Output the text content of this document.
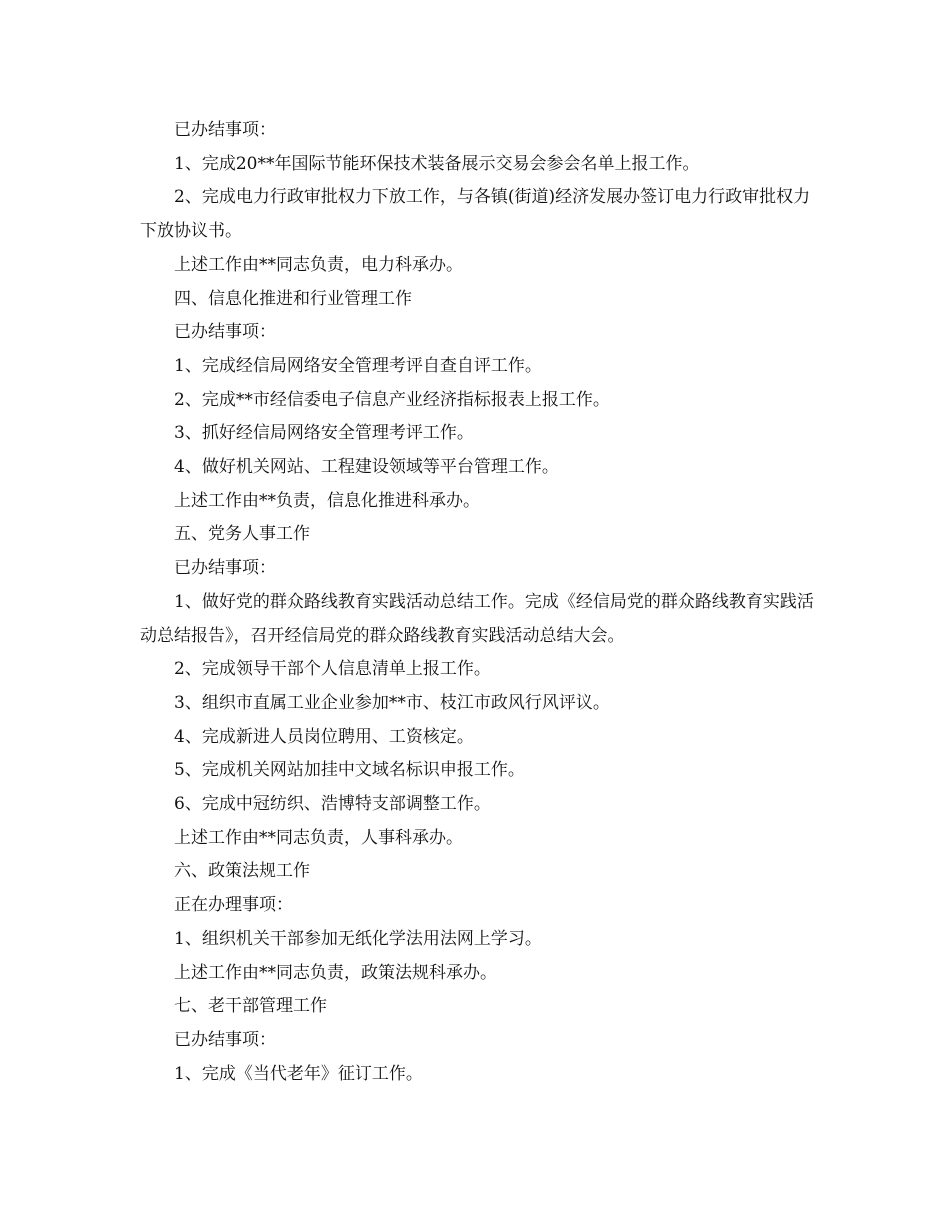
已办结事项：

1、完成20**年国际节能环保技术装备展示交易会参会名单上报工作。

2、完成电力行政审批权力下放工作，与各镇(街道)经济发展办签订电力行政审批权力下放协议书。

上述工作由**同志负责，电力科承办。

四、信息化推进和行业管理工作

已办结事项：

1、完成经信局网络安全管理考评自查自评工作。

2、完成**市经信委电子信息产业经济指标报表上报工作。

3、抓好经信局网络安全管理考评工作。

4、做好机关网站、工程建设领域等平台管理工作。

上述工作由**负责，信息化推进科承办。

五、党务人事工作

已办结事项：

1、做好党的群众路线教育实践活动总结工作。完成《经信局党的群众路线教育实践活动总结报告》，召开经信局党的群众路线教育实践活动总结大会。

2、完成领导干部个人信息清单上报工作。

3、组织市直属工业企业参加**市、枝江市政风行风评议。

4、完成新进人员岗位聘用、工资核定。

5、完成机关网站加挂中文域名标识申报工作。

6、完成中冠纺织、浩博特支部调整工作。

上述工作由**同志负责，人事科承办。

六、政策法规工作

正在办理事项：

1、组织机关干部参加无纸化学法用法网上学习。

上述工作由**同志负责，政策法规科承办。

七、老干部管理工作

已办结事项：

1、完成《当代老年》征订工作。
